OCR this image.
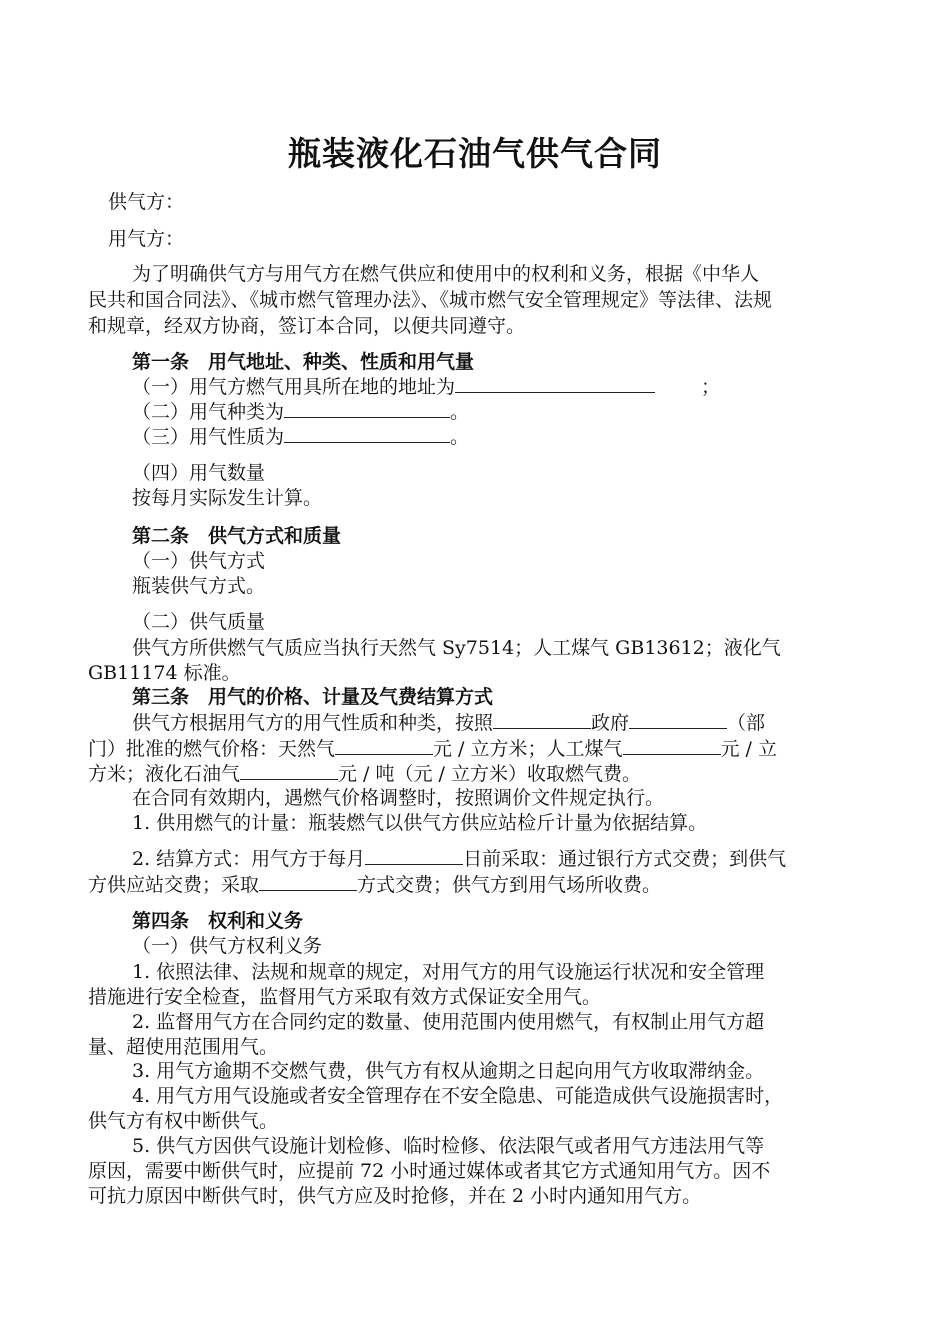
瓶装液化石油气供气合同
供气方：
用气方：
为了明确供气方与用气方在燃气供应和使用中的权利和义务，根据《中华人
民共和国合同法》、《城市燃气管理办法》、《城市燃气安全管理规定》等法律、法规
和规章，经双方协商，签订本合同，以便共同遵守。
第一条　用气地址、种类、性质和用气量
（一）用气方燃气用具所在地的地址为	；
（二）用气种类为	。
（三）用气性质为	。
（四）用气数量
按每月实际发生计算。
第二条　供气方式和质量
（一）供气方式
瓶装供气方式。
（二）供气质量
供气方所供燃气气质应当执行天然气 Sy7514；人工煤气 GB13612；液化气
GB11174 标准。
第三条　用气的价格、计量及气费结算方式
供气方根据用气方的用气性质和种类，按照	政府	（部
门）批准的燃气价格：天然气	元 / 立方米；人工煤气	元 / 立
方米；液化石油气	元 / 吨（元 / 立方米）收取燃气费。
在合同有效期内，遇燃气价格调整时，按照调价文件规定执行。
1. 供用燃气的计量：瓶装燃气以供气方供应站检斤计量为依据结算。
2. 结算方式：用气方于每月	日前采取：通过银行方式交费；到供气
方供应站交费；采取	方式交费；供气方到用气场所收费。
第四条　权利和义务
（一）供气方权利义务
1. 依照法律、法规和规章的规定，对用气方的用气设施运行状况和安全管理
措施进行安全检查，监督用气方采取有效方式保证安全用气。
2. 监督用气方在合同约定的数量、使用范围内使用燃气，有权制止用气方超
量、超使用范围用气。
3. 用气方逾期不交燃气费，供气方有权从逾期之日起向用气方收取滞纳金。
4. 用气方用气设施或者安全管理存在不安全隐患、可能造成供气设施损害时，
供气方有权中断供气。
5. 供气方因供气设施计划检修、临时检修、依法限气或者用气方违法用气等
原因，需要中断供气时，应提前 72 小时通过媒体或者其它方式通知用气方。因不
可抗力原因中断供气时，供气方应及时抢修，并在 2 小时内通知用气方。
